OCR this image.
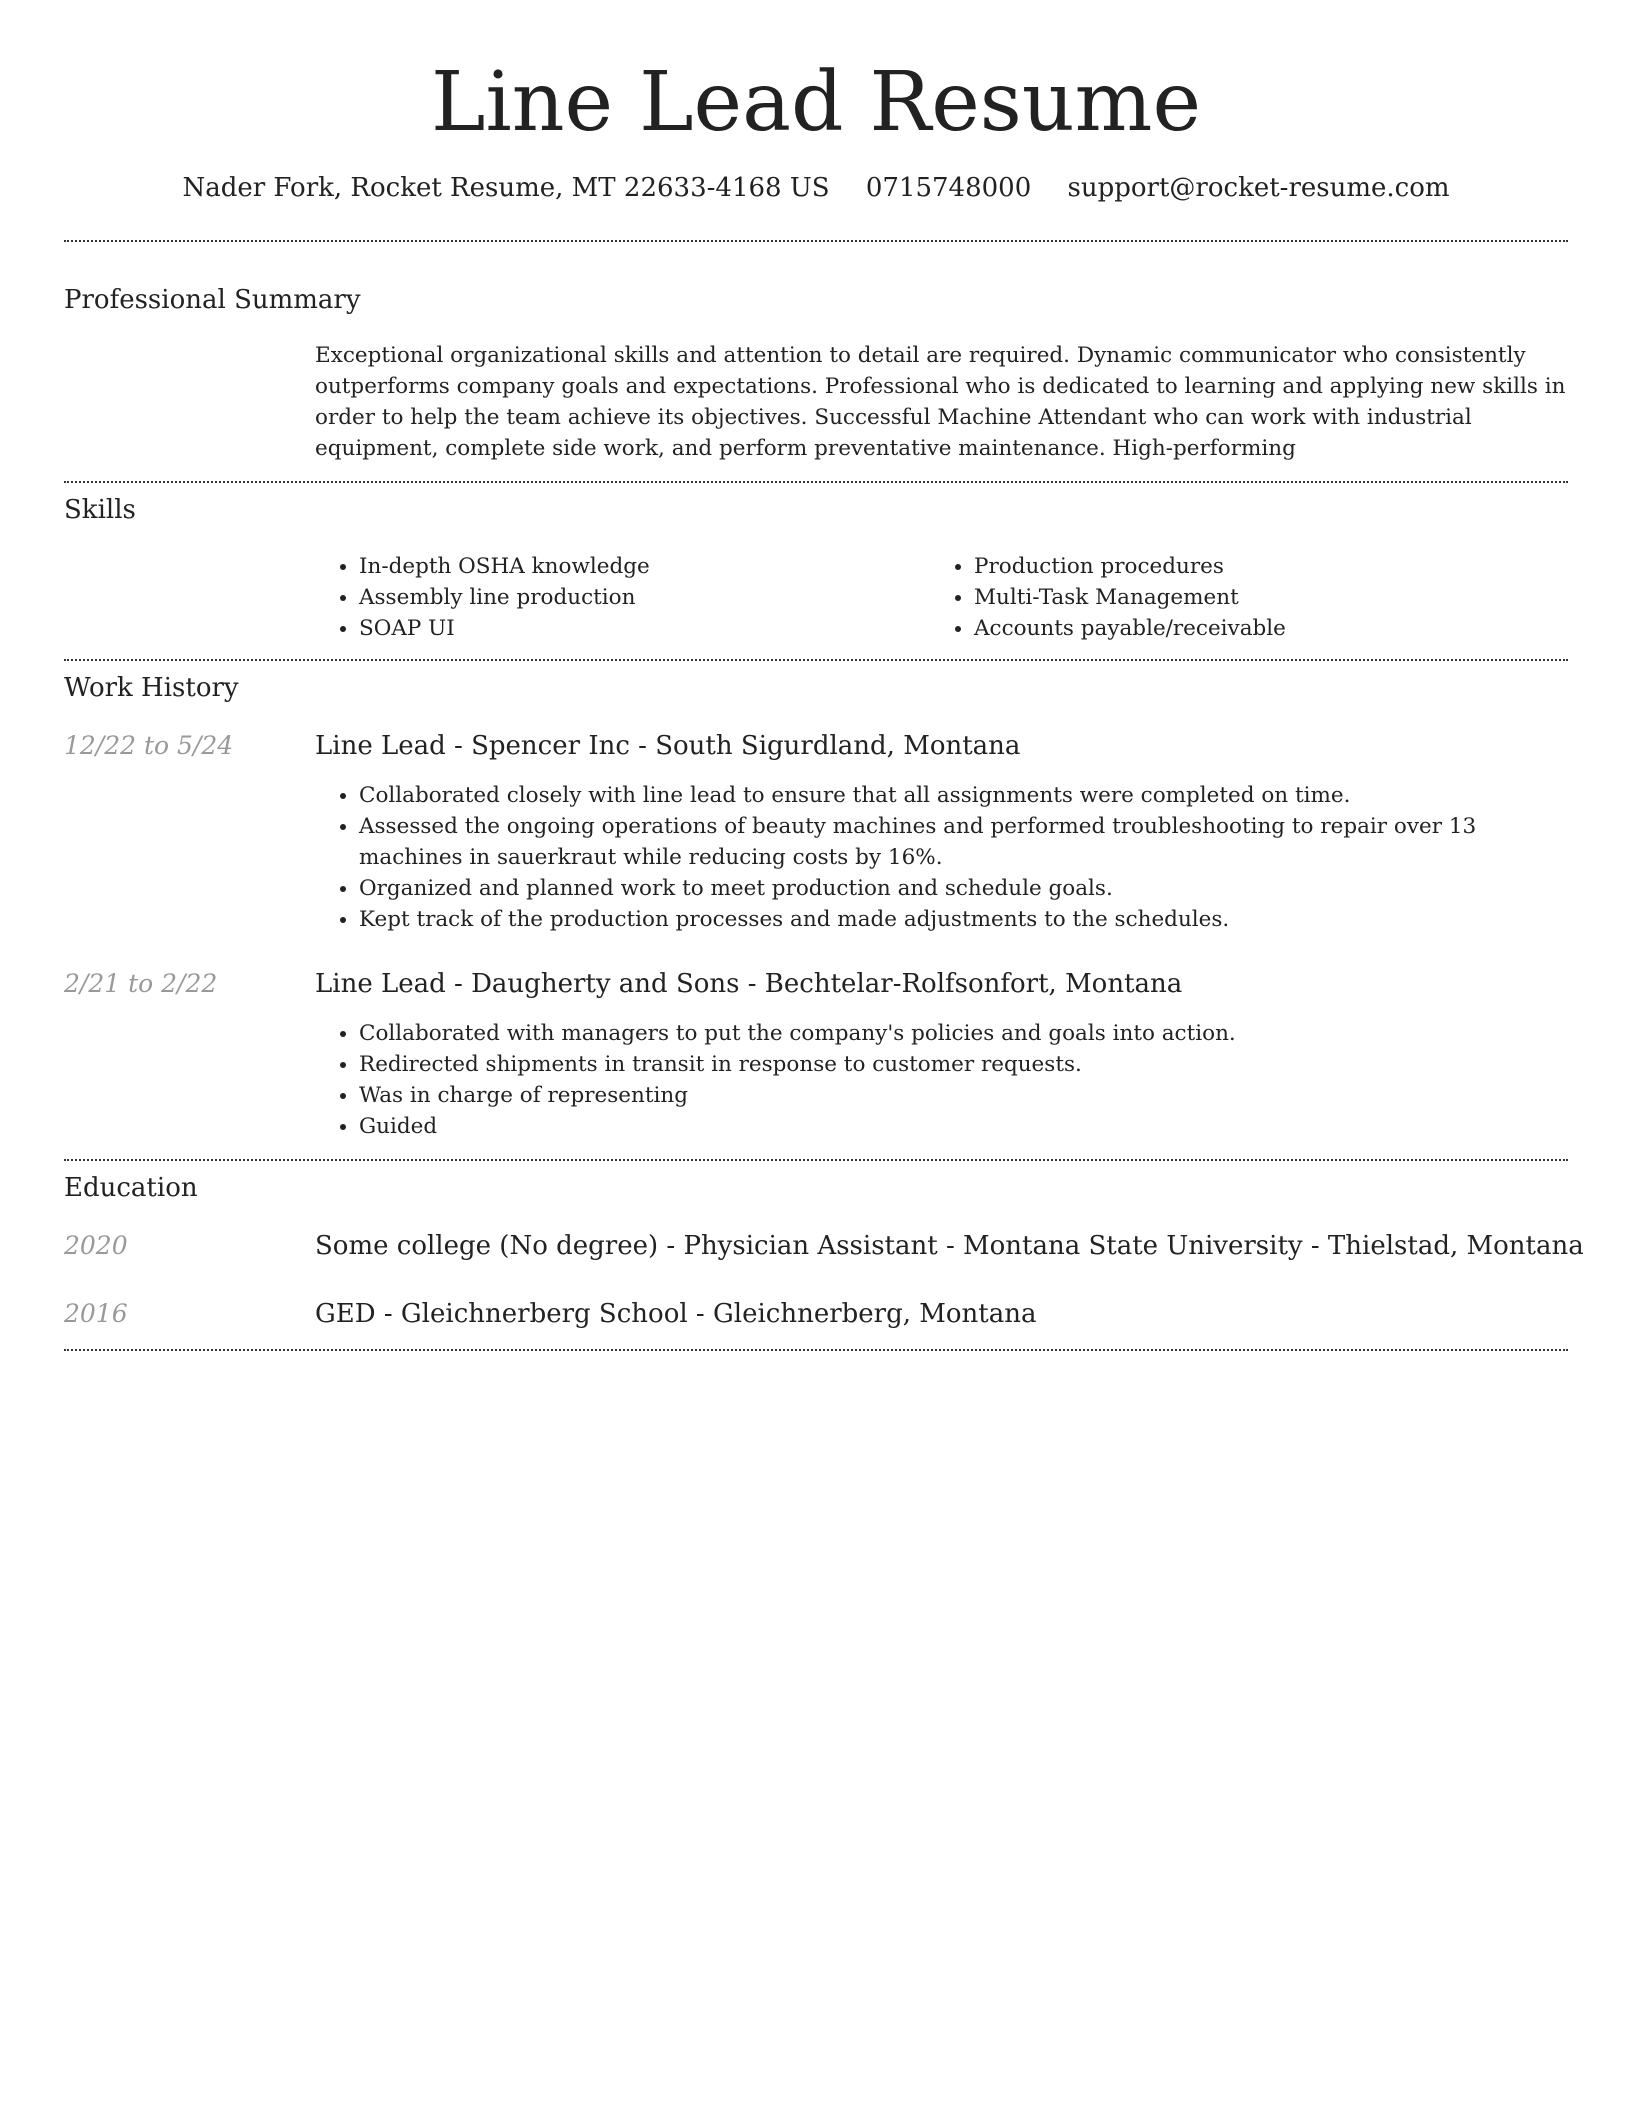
Line Lead Resume
Nader Fork, Rocket Resume, MT 22633-4168 US 0715748000 support@rocket-resume.com
Professional Summary

Exceptional organizational skills and attention to detail are required. Dynamic communicator who consistently outperforms company goals and expectations. Professional who is dedicated to learning and applying new skills in order to help the team achieve its objectives. Successful Machine Attendant who can work with industrial equipment, complete side work, and perform preventative maintenance. High-performing

Skills
• In-depth OSHA knowledge
• Assembly line production
• SOAP UI
• Production procedures
• Multi-Task Management
• Accounts payable/receivable
Work History
12/22 to 5/24	Line Lead - Spencer Inc - South Sigurdland, Montana
• Collaborated closely with line lead to ensure that all assignments were completed on time.
• Assessed the ongoing operations of beauty machines and performed troubleshooting to repair over 13 machines in sauerkraut while reducing costs by 16%.
• Organized and planned work to meet production and schedule goals.
• Kept track of the production processes and made adjustments to the schedules.
2/21 to 2/22	Line Lead - Daugherty and Sons - Bechtelar-Rolfsonfort, Montana
• Collaborated with managers to put the company's policies and goals into action.
• Redirected shipments in transit in response to customer requests.
• Was in charge of representing
• Guided
Education
2020	Some college (No degree) - Physician Assistant - Montana State University - Thielstad, Montana
2016	GED - Gleichnerberg School - Gleichnerberg, Montana
